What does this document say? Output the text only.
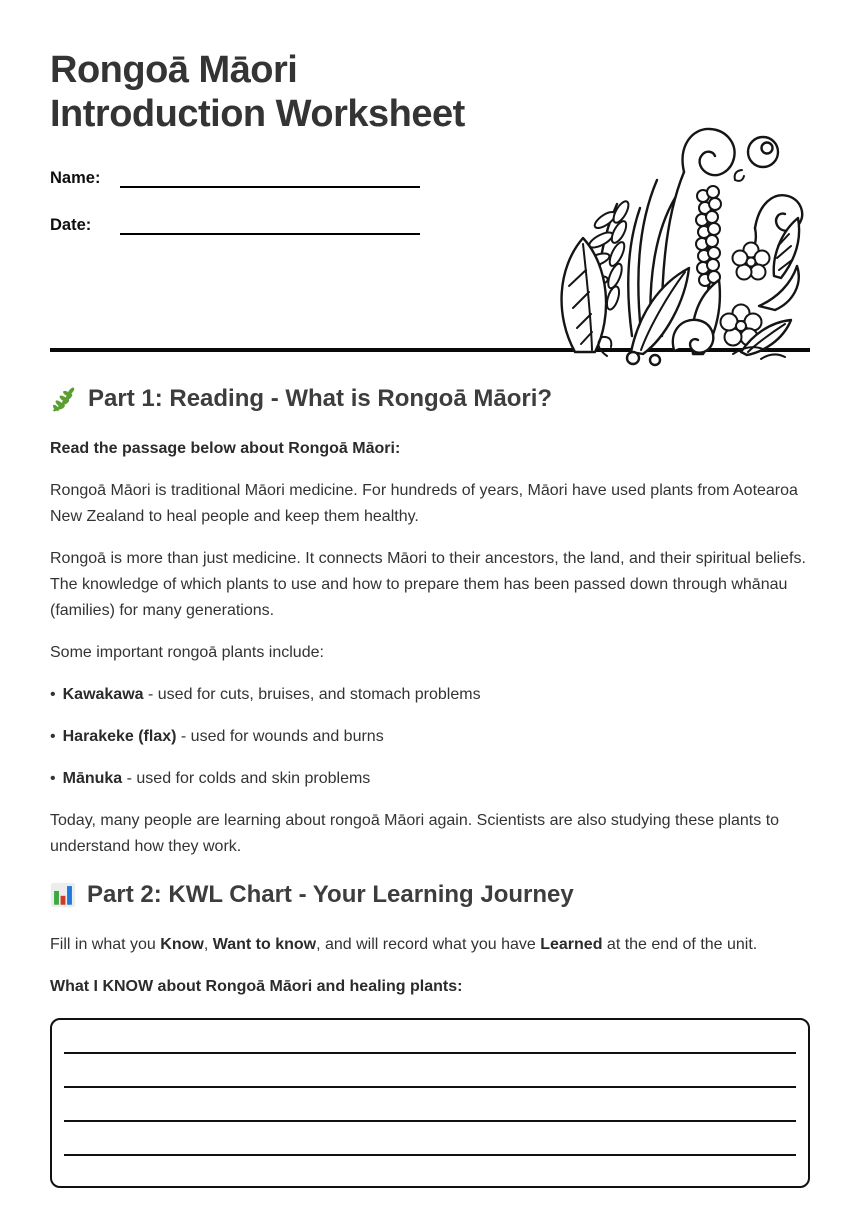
Rongoā Māori
Introduction Worksheet
Name:
Date:
Part 1: Reading - What is Rongoā Māori?

Read the passage below about Rongoā Māori:

Rongoā Māori is traditional Māori medicine. For hundreds of years, Māori have used plants from Aotearoa New Zealand to heal people and keep them healthy.

Rongoā is more than just medicine. It connects Māori to their ancestors, the land, and their spiritual beliefs. The knowledge of which plants to use and how to prepare them has been passed down through whānau (families) for many generations.

Some important rongoā plants include:

• Kawakawa - used for cuts, bruises, and stomach problems

• Harakeke (flax) - used for wounds and burns

• Mānuka - used for colds and skin problems

Today, many people are learning about rongoā Māori again. Scientists are also studying these plants to understand how they work.

Part 2: KWL Chart - Your Learning Journey

Fill in what you Know, Want to know, and will record what you have Learned at the end of the unit.

What I KNOW about Rongoā Māori and healing plants:
